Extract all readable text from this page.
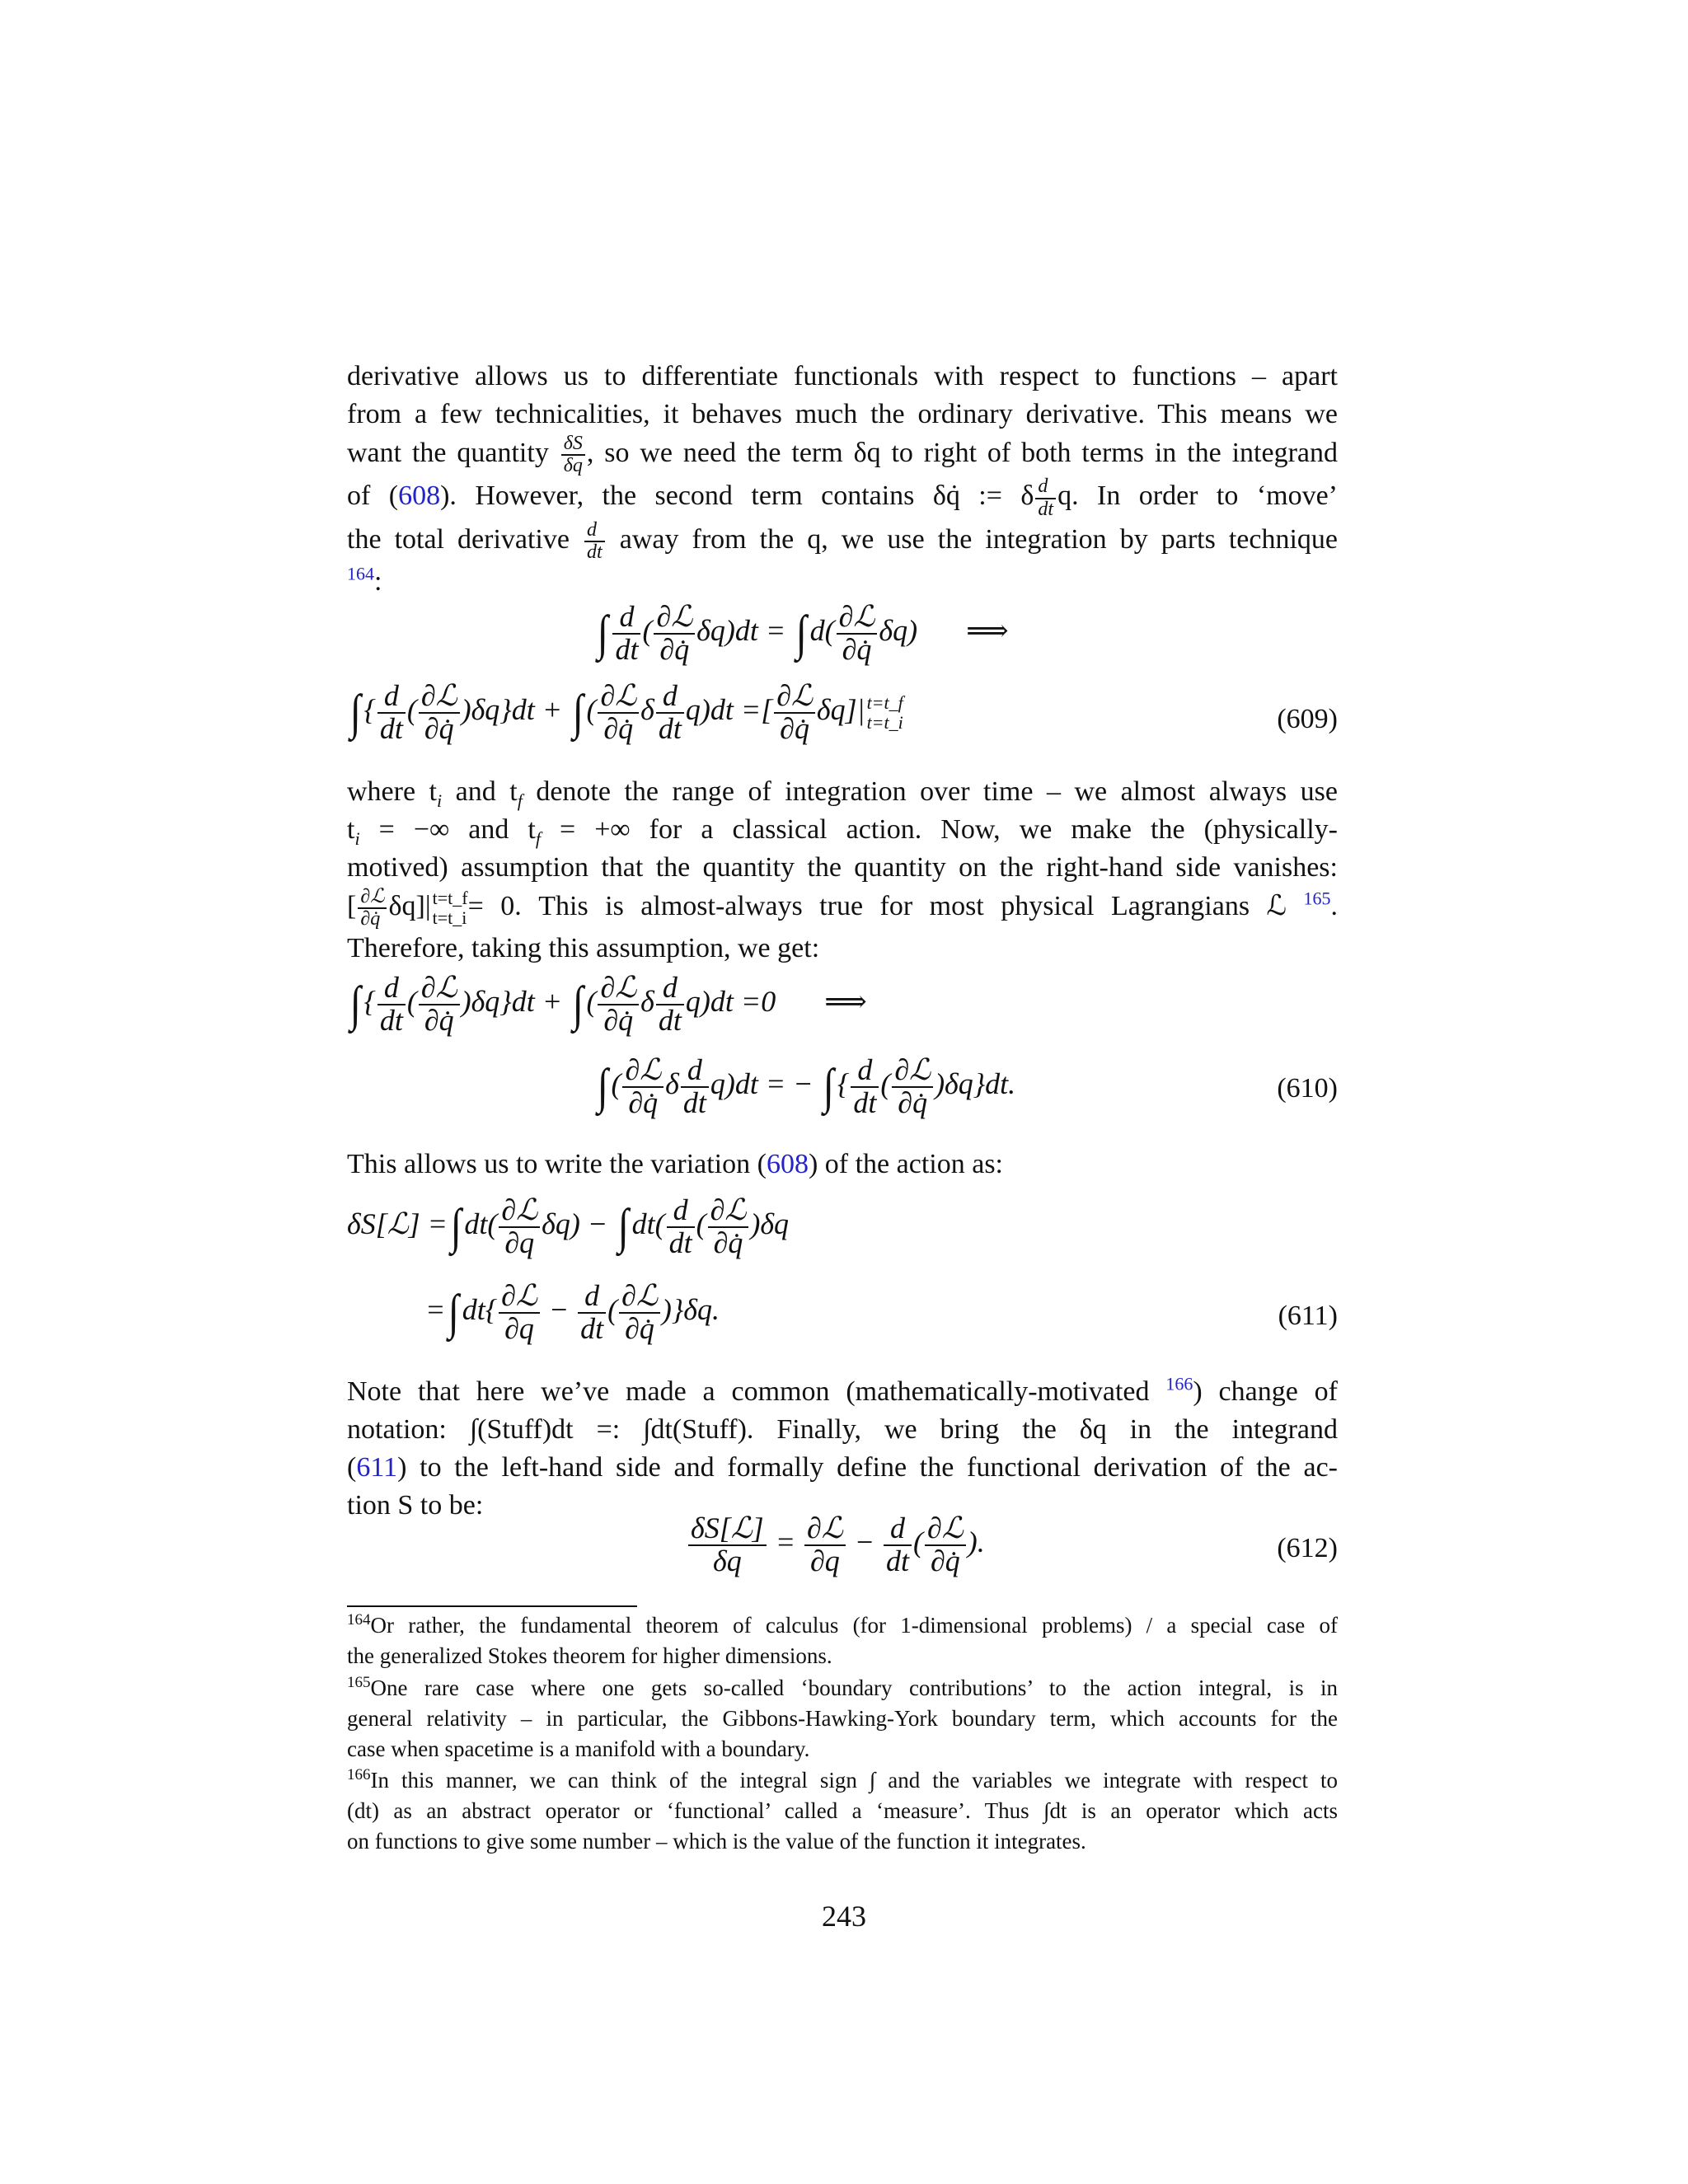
derivative allows us to differentiate functionals with respect to functions – apart
from a few technicalities, it behaves much the ordinary derivative. This means we
want the quantity $\frac{\delta S}{\delta q}$ , so we need the term δq to right of both terms in the integrand
of (608). However, the second term contains δq̇ := δ $\frac{d}{dt} q$. In order to ‘move’
the total derivative $\frac{d}{dt}$ away from the q, we use the integration by parts technique
$^{164}$:

∫ $\frac{d}{dt}$ ( $\frac{\text{∂ℒ}}{\partial q̇} \delta q)dt$ = ∫ $d( \frac{\text{∂ℒ}}{\partial q̇} \delta q)$ ⟹
∫ { $\frac{d}{dt}$ ( $\frac{\text{∂ℒ}}{\partial q̇} )\delta q\}dt$ + ∫ ( $\frac{\text{∂ℒ}}{\partial q̇}$ δ $\frac{d}{dt} q)dt$ =[ $\frac{\text{∂ℒ}}{\partial q̇} \delta q]|$ t=t_f
t=t_i	(609)

where $t_i$ and $t_f$ denote the range of integration over time – we almost always use
$t_i$ = −∞ and $t_f$ = +∞ for a classical action. Now, we make the (physically-
motived) assumption that the quantity the quantity on the right-hand side vanishes:
[ $\frac{\text{∂ℒ}}{\partial q̇} \delta q]|$ t=t_f
t=t_i = 0. This is almost-always true for most physical Lagrangians ℒ $^{165}$.
Therefore, taking this assumption, we get:

∫ { $\frac{d}{dt}$ ( $\frac{\text{∂ℒ}}{\partial q̇} )\delta q\}dt$ + ∫ ( $\frac{\text{∂ℒ}}{\partial q̇}$ δ $\frac{d}{dt} q)dt =0$ ⟹
∫ ( $\frac{\text{∂ℒ}}{\partial q̇}$ δ $\frac{d}{dt} q)dt$ = − ∫ { $\frac{d}{dt}$ ( $\frac{\text{∂ℒ}}{\partial q̇} )\delta q\}dt$.	(610)

This allows us to write the variation (608) of the action as:

δS[ℒ] =∫ $dt( \frac{\text{∂ℒ}}{\partial q} \delta q)$ − ∫ $dt( \frac{d}{dt}$ ( $\frac{\text{∂ℒ}}{\partial q̇} )\delta q$
=∫ $dt\{ \frac{\text{∂ℒ}}{\partial q} - \frac{d}{dt}$ ( $\frac{\text{∂ℒ}}{\partial q̇} )\}\delta q$.	(611)

Note that here we’ve made a common (mathematically-motivated $^{166}$) change of
notation: ∫(Stuff)dt =: ∫dt(Stuff). Finally, we bring the δq in the integrand
(611) to the left-hand side and formally define the functional derivation of the ac-
tion S to be:

$\frac{\text{δS[ℒ]}}{\delta q} = \frac{\text{∂ℒ}}{\partial q} - \frac{d}{dt}$ ( $\frac{\text{∂ℒ}}{\partial q̇}$ ).	(612)
$^{164}$Or rather, the fundamental theorem of calculus (for 1-dimensional problems) / a special case of
the generalized Stokes theorem for higher dimensions.
$^{165}$One rare case where one gets so-called ‘boundary contributions’ to the action integral, is in
general relativity – in particular, the Gibbons-Hawking-York boundary term, which accounts for the
case when spacetime is a manifold with a boundary.
$^{166}$In this manner, we can think of the integral sign ∫ and the variables we integrate with respect to
(dt) as an abstract operator or ‘functional’ called a ‘measure’. Thus ∫dt is an operator which acts
on functions to give some number – which is the value of the function it integrates.
243
